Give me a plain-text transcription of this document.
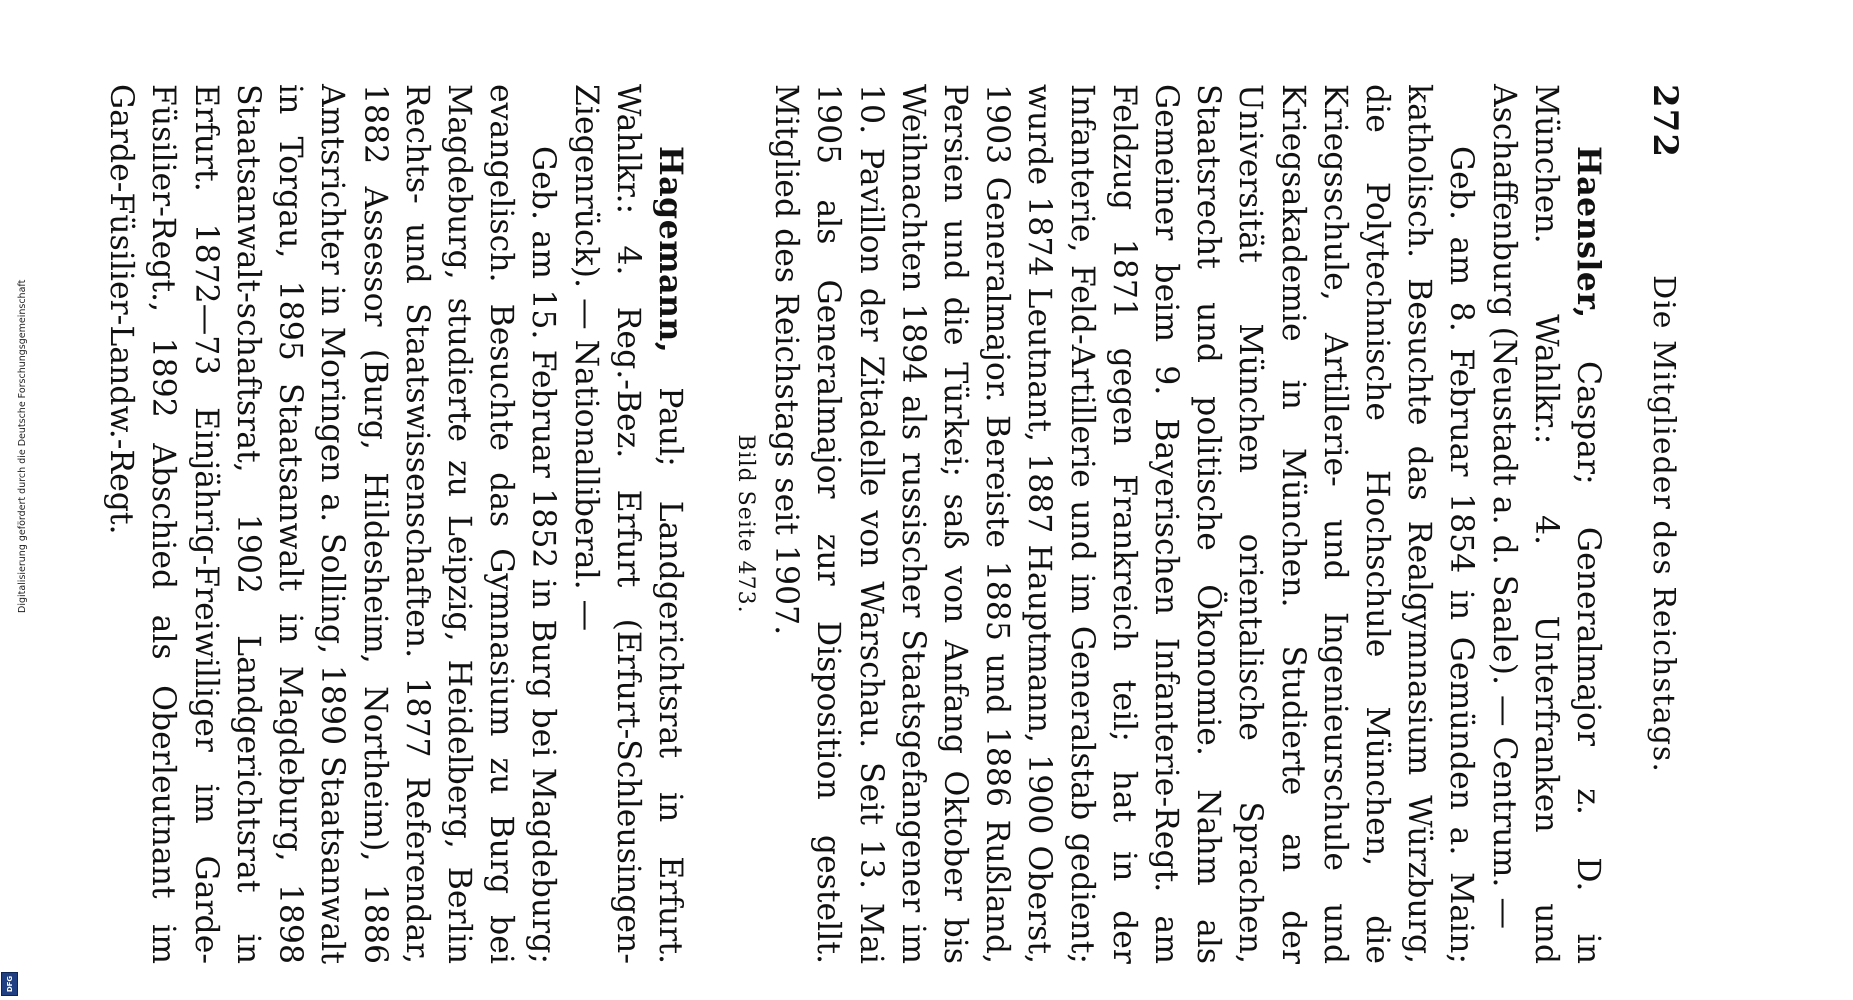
Digitalisierung gefördert durch die Deutsche Forschungsgemeinschaft
DFG
272
Die Mitglieder des Reichstags.

Haensler, Caspar; Generalmajor z. D. in München. Wahlkr.: 4. Unterfranken und Aschaffenburg (Neustadt a. d. Saale). — Centrum. —

Geb. am 8. Februar 1854 in Gemünden a. Main; katholisch. Besuchte das Realgymnasium Würzburg, die Polytechnische Hochschule München, die Kriegsschule, Artillerie- und Ingenieurschule und Kriegsakademie in München. Studierte an der Universität München orientalische Sprachen, Staatsrecht und politische Ökonomie. Nahm als Gemeiner beim 9. Bayerischen Infanterie-Regt. am Feldzug 1871 gegen Frankreich teil; hat in der Infanterie, Feld-Artillerie und im Generalstab gedient; wurde 1874 Leutnant, 1887 Hauptmann, 1900 Oberst, 1903 Generalmajor. Bereiste 1885 und 1886 Rußland, Persien und die Türkei; saß von Anfang Oktober bis Weihnachten 1894 als russischer Staatsgefangener im 10. Pavillon der Zitadelle von Warschau. Seit 13. Mai 1905 als Generalmajor zur Disposition gestellt. Mitglied des Reichstags seit 1907.

Bild Seite 473.

Hagemann, Paul; Landgerichtsrat in Erfurt. Wahlkr.: 4. Reg.-Bez. Erfurt (Erfurt-Schleusingen-Ziegenrück). — Nationalliberal. —

Geb. am 15. Februar 1852 in Burg bei Magdeburg; evangelisch. Besuchte das Gymnasium zu Burg bei Magdeburg, studierte zu Leipzig, Heidelberg, Berlin Rechts- und Staatswissenschaften. 1877 Referendar, 1882 Assessor (Burg, Hildesheim, Northeim), 1886 Amtsrichter in Moringen a. Solling, 1890 Staatsanwalt in Torgau, 1895 Staatsanwalt in Magdeburg, 1898 Staatsanwalt-schaftsrat, 1902 Landgerichtsrat in Erfurt. 1872—73 Einjährig-Freiwilliger im Garde-Füsilier-Regt., 1892 Abschied als Oberleutnant im Garde-Füsilier-Landw.-Regt.
